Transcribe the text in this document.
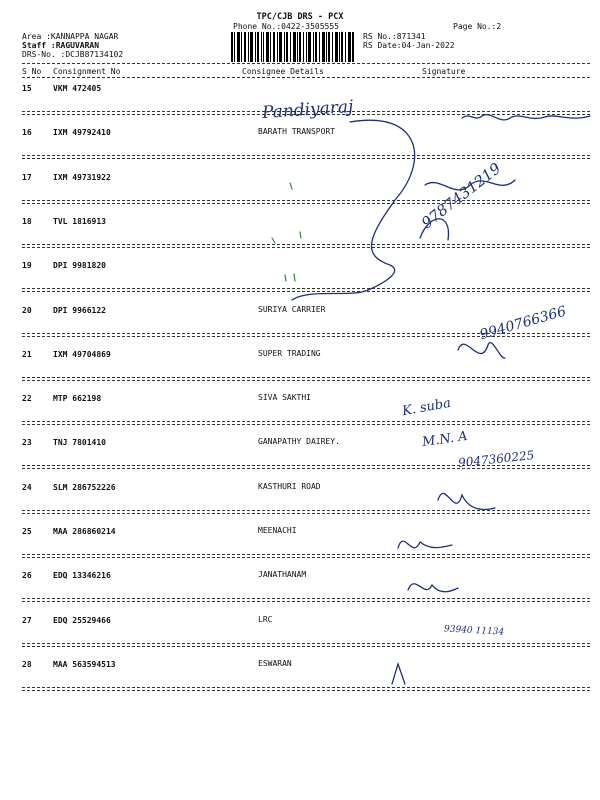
TPC/CJB DRS - PCX
Phone No.:0422-3505555	Page No.:2
Area :KANNAPPA NAGAR
Staff :RAGUVARAN
DRS-No. :DCJB87134102
RS No.:871341
RS Date:04-Jan-2022
S No Consignment No	Consignee Details	Signature
15	VKM 472405
16	IXM 49792410	BARATH TRANSPORT
17	IXM 49731922
18	TVL 1816913
19	DPI 9981820
20	DPI 9966122	SURIYA CARRIER
21	IXM 49704869	SUPER TRADING
22	MTP 662198	SIVA SAKTHI
23	TNJ 7801410	GANAPATHY DAIREY.
24	SLM 286752226	KASTHURI ROAD
25	MAA 286860214	MEENACHI
26	EDQ 13346216	JANATHANAM
27	EDQ 25529466	LRC
28	MAA 563594513	ESWARAN
Pandiyaraj
9787431219
9940766366
K. suba
M.N. A
9047360225
93940 11134
